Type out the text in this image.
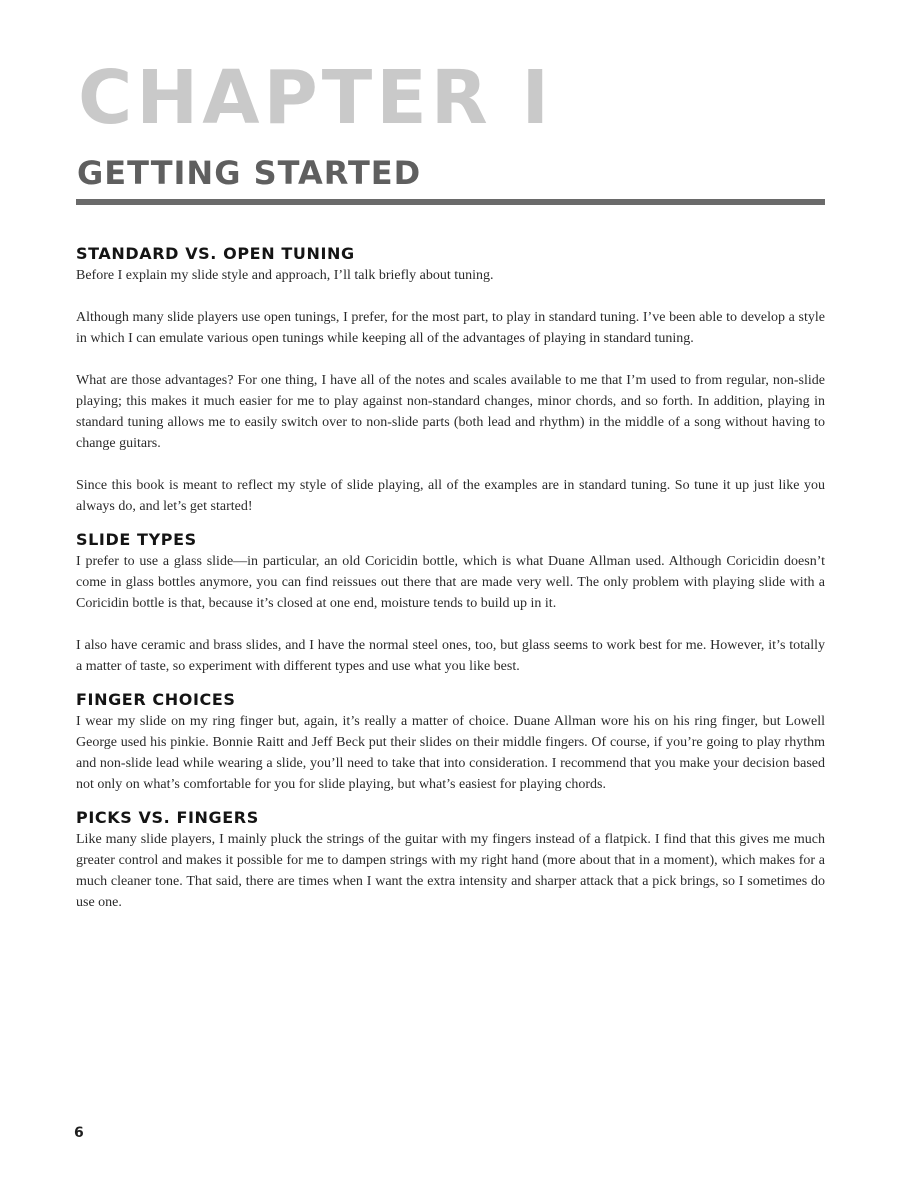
CHAPTER I
GETTING STARTED
STANDARD VS. OPEN TUNING

Before I explain my slide style and approach, I’ll talk briefly about tuning.

Although many slide players use open tunings, I prefer, for the most part, to play in standard tuning. I’ve been able to develop a style in which I can emulate various open tunings while keeping all of the advantages of playing in standard tuning.

What are those advantages? For one thing, I have all of the notes and scales available to me that I’m used to from regular, non-slide playing; this makes it much easier for me to play against non-standard changes, minor chords, and so forth. In addition, playing in standard tuning allows me to easily switch over to non-slide parts (both lead and rhythm) in the middle of a song without having to change guitars.

Since this book is meant to reflect my style of slide playing, all of the examples are in standard tuning. So tune it up just like you always do, and let’s get started!

SLIDE TYPES

I prefer to use a glass slide—in particular, an old Coricidin bottle, which is what Duane Allman used. Although Coricidin doesn’t come in glass bottles anymore, you can find reissues out there that are made very well. The only problem with playing slide with a Coricidin bottle is that, because it’s closed at one end, moisture tends to build up in it.

I also have ceramic and brass slides, and I have the normal steel ones, too, but glass seems to work best for me. However, it’s totally a matter of taste, so experiment with different types and use what you like best.

FINGER CHOICES

I wear my slide on my ring finger but, again, it’s really a matter of choice. Duane Allman wore his on his ring finger, but Lowell George used his pinkie. Bonnie Raitt and Jeff Beck put their slides on their middle fingers. Of course, if you’re going to play rhythm and non-slide lead while wearing a slide, you’ll need to take that into consideration. I recommend that you make your decision based not only on what’s comfortable for you for slide playing, but what’s easiest for playing chords.

PICKS VS. FINGERS

Like many slide players, I mainly pluck the strings of the guitar with my fingers instead of a flatpick. I find that this gives me much greater control and makes it possible for me to dampen strings with my right hand (more about that in a moment), which makes for a much cleaner tone. That said, there are times when I want the extra intensity and sharper attack that a pick brings, so I sometimes do use one.

6
